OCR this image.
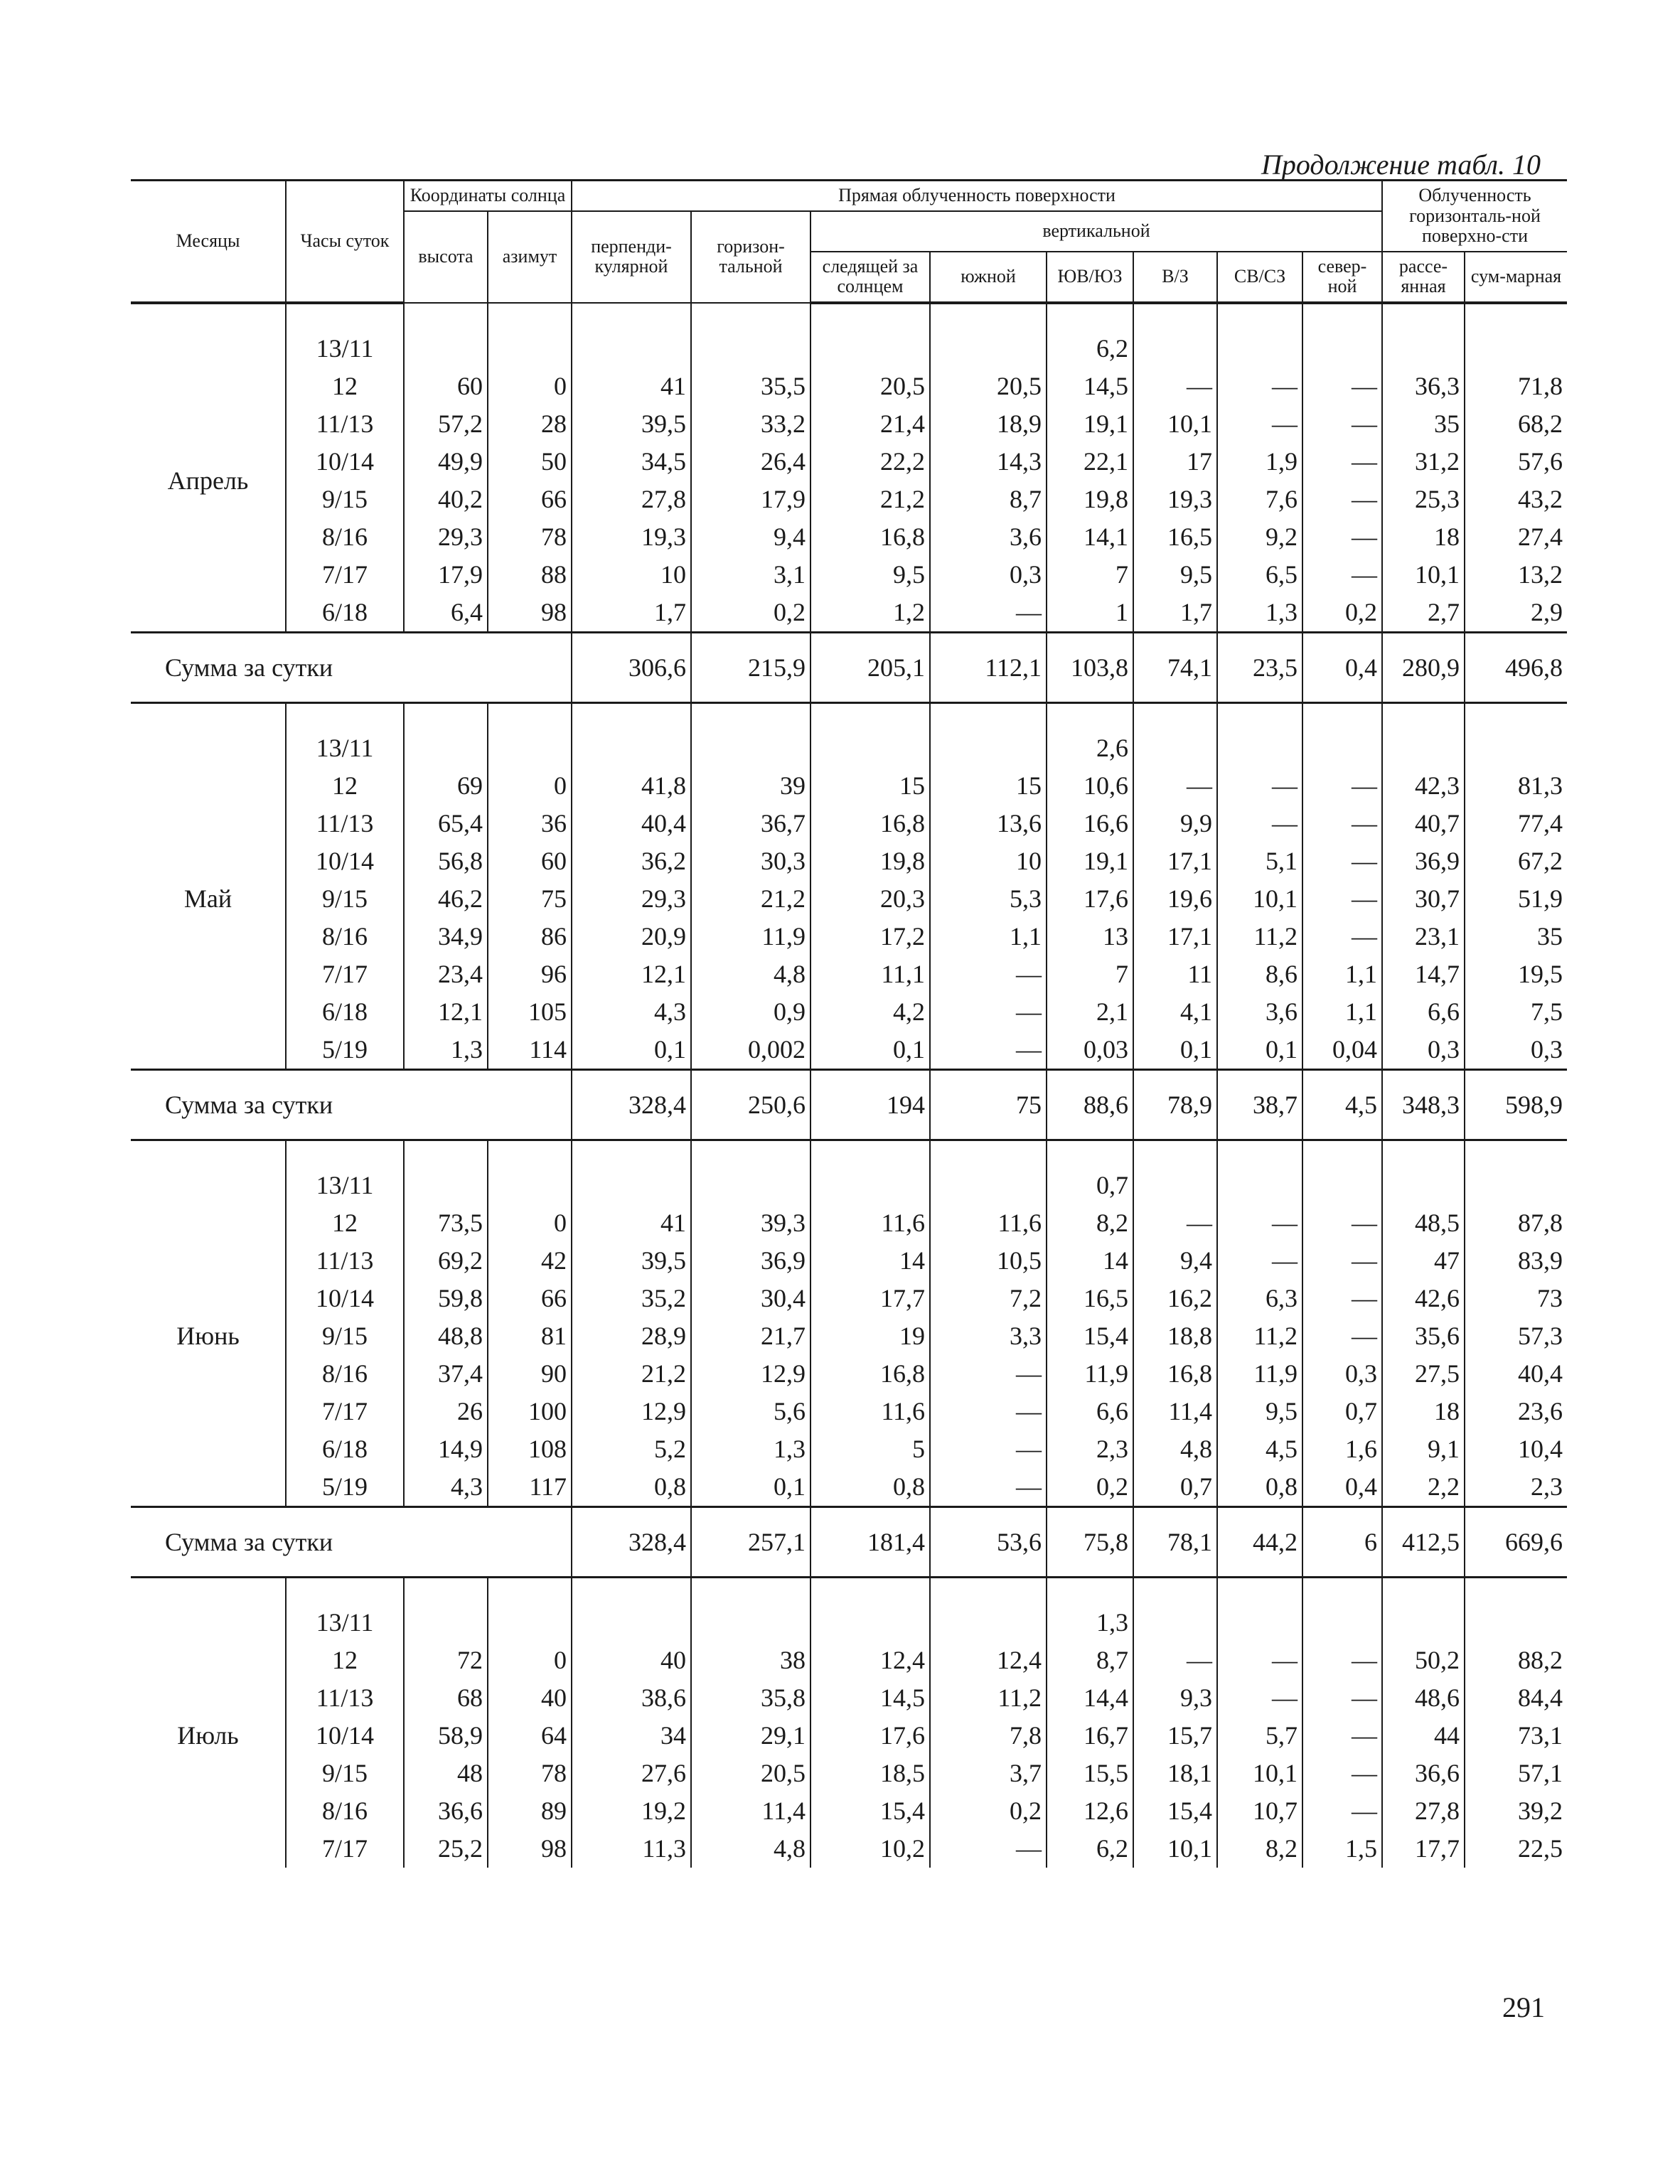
Продолжение табл. 10
Месяцы	Часы суток	Координаты солнца		Прямая облученность поверхности								Облученность горизонталь-ной поверхно-сти	
		высота	азимут	перпенди-кулярной	горизон-тальной	вертикальной							
						следящей за солнцем	южной	ЮВ/ЮЗ	В/З	СВ/СЗ	север-ной	рассе-янная	сум-марная

Апрель	13/11							6,2					
	12	60	0	41	35,5	20,5	20,5	14,5	—	—	—	36,3	71,8
	11/13	57,2	28	39,5	33,2	21,4	18,9	19,1	10,1	—	—	35	68,2
	10/14	49,9	50	34,5	26,4	22,2	14,3	22,1	17	1,9	—	31,2	57,6
	9/15	40,2	66	27,8	17,9	21,2	8,7	19,8	19,3	7,6	—	25,3	43,2
	8/16	29,3	78	19,3	9,4	16,8	3,6	14,1	16,5	9,2	—	18	27,4
	7/17	17,9	88	10	3,1	9,5	0,3	7	9,5	6,5	—	10,1	13,2
	6/18	6,4	98	1,7	0,2	1,2	—	1	1,7	1,3	0,2	2,7	2,9
Сумма за сутки				306,6	215,9	205,1	112,1	103,8	74,1	23,5	0,4	280,9	496,8

Май	13/11							2,6					
	12	69	0	41,8	39	15	15	10,6	—	—	—	42,3	81,3
	11/13	65,4	36	40,4	36,7	16,8	13,6	16,6	9,9	—	—	40,7	77,4
	10/14	56,8	60	36,2	30,3	19,8	10	19,1	17,1	5,1	—	36,9	67,2
	9/15	46,2	75	29,3	21,2	20,3	5,3	17,6	19,6	10,1	—	30,7	51,9
	8/16	34,9	86	20,9	11,9	17,2	1,1	13	17,1	11,2	—	23,1	35
	7/17	23,4	96	12,1	4,8	11,1	—	7	11	8,6	1,1	14,7	19,5
	6/18	12,1	105	4,3	0,9	4,2	—	2,1	4,1	3,6	1,1	6,6	7,5
	5/19	1,3	114	0,1	0,002	0,1	—	0,03	0,1	0,1	0,04	0,3	0,3
Сумма за сутки				328,4	250,6	194	75	88,6	78,9	38,7	4,5	348,3	598,9

Июнь	13/11							0,7					
	12	73,5	0	41	39,3	11,6	11,6	8,2	—	—	—	48,5	87,8
	11/13	69,2	42	39,5	36,9	14	10,5	14	9,4	—	—	47	83,9
	10/14	59,8	66	35,2	30,4	17,7	7,2	16,5	16,2	6,3	—	42,6	73
	9/15	48,8	81	28,9	21,7	19	3,3	15,4	18,8	11,2	—	35,6	57,3
	8/16	37,4	90	21,2	12,9	16,8	—	11,9	16,8	11,9	0,3	27,5	40,4
	7/17	26	100	12,9	5,6	11,6	—	6,6	11,4	9,5	0,7	18	23,6
	6/18	14,9	108	5,2	1,3	5	—	2,3	4,8	4,5	1,6	9,1	10,4
	5/19	4,3	117	0,8	0,1	0,8	—	0,2	0,7	0,8	0,4	2,2	2,3
Сумма за сутки				328,4	257,1	181,4	53,6	75,8	78,1	44,2	6	412,5	669,6

Июль	13/11							1,3					
	12	72	0	40	38	12,4	12,4	8,7	—	—	—	50,2	88,2
	11/13	68	40	38,6	35,8	14,5	11,2	14,4	9,3	—	—	48,6	84,4
	10/14	58,9	64	34	29,1	17,6	7,8	16,7	15,7	5,7	—	44	73,1
	9/15	48	78	27,6	20,5	18,5	3,7	15,5	18,1	10,1	—	36,6	57,1
	8/16	36,6	89	19,2	11,4	15,4	0,2	12,6	15,4	10,7	—	27,8	39,2
	7/17	25,2	98	11,3	4,8	10,2	—	6,2	10,1	8,2	1,5	17,7	22,5
291
